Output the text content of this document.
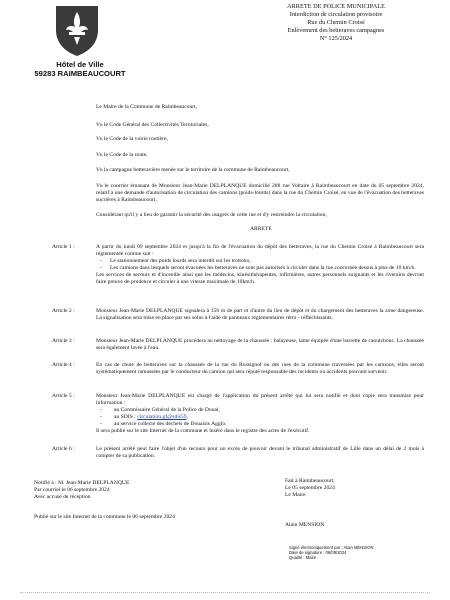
Hôtel de Ville
59283 RAIMBEAUCOURT
ARRETE DE POLICE MUNICIPALE
Interdiction de circulation provisoire
Rue du Chemin Croisé
Enlèvement des betteraves campagnes
N° 125/2024
Le Maire de la Commune de Raimbeaucourt,
Vu le Code Général des Collectivités Territoriales,
Vu le Code de la voirie routière,
Vu le Code de la route,
Vu la campagne betteravière menée sur le territoire de la commune de Raimbeaucourt,
Vu le courrier émanant de Monsieur Jean-Marie DELPLANQUE domicilié 288 rue Voltaire à Raimbeaucourt en date du 05 septembre 2024, relatif à une demande d'autorisation de circulation des camions (poids-lourds) dans la rue du Chemin Croisé, en vue de l'évacuation des betteraves sucrières à Raimbeaucourt,
Considérant qu'il y a lieu de garantir la sécurité des usagers de cette rue et d'y restreindre la circulation,
ARRETE
Article 1 :	A partir du lundi 09 septembre 2024 et jusqu'à la fin de l'évacuation du dépôt des betteraves, la rue du Chemin Croisé à Raimbeaucourt sera réglementée comme suit :
- Le stationnement des poids lourds sera interdit sur les trottoirs,
- Les camions dans lesquels seront évacuées les betteraves ne sont pas autorisés à circuler dans la rue concernée dessus à plus de 10 km/h.
Les services de secours et d'incendie ainsi que les médecins, kinésithérapeutes, infirmières, autres personnels soignants et les riverains devront faire preuve de prudence et circuler à une vitesse maximale de 10km/h.
Article 2 :	Monsieur Jean-Marie DELPLANQUE signalera à 150 m de part et d'autre du lieu de dépôt et du chargement des betteraves la zone dangereuse. La signalisation sera mise en place par ses soins à l'aide de panneaux réglementaires rétro - réfléchissants.
Article 3 :	Monsieur Jean-Marie DELPLANQUE procédera au nettoyage de la chaussée : balayeuse, lame équipée d'une barrette de caoutchouc. La chaussée sera également lavée à l'eau.
Article 4 :	En cas de chute de betteraves sur la chaussée de la rue du Rossignol ou des rues de la commune traversées par les camions, elles seront systématiquement ramassées par le conducteur du camion qui sera réputé responsable des incidents ou accidents pouvant survenir.
Article 5 :	Monsieur Jean-Marie DELPLANQUE est chargé de l'application du présent arrêté qui lui sera notifié et dont copie sera transmise pour information :
- au Commissaire Général de la Police de Douai,
- au SDIS : circulation.gf@sdis59,
- au service collecte des déchets de Douaisis Agglo.
Il sera publié sur le site Internet de la commune et inséré dans le registre des actes de l'exécutif.
Article 6 :	Le présent arrêté peut faire l'objet d'un recours pour un excès de pouvoir devant le tribunal administratif de Lille dans un délai de 2 mois à compter de sa publication.
Notifié à : M. Jean-Marie DELPLANQUE
Par courriel le 06 septembre 2024
Avec accusé de réception
Publié sur le site Internet de la commune le 06 septembre 2024
Fait à Raimbeaucourt,
Le 05 septembre 2024
Le Maire
Alain MENSION
Signé électroniquement par : Alain MENSION
Date de signature : 06/09/2024
Qualité : Maire
